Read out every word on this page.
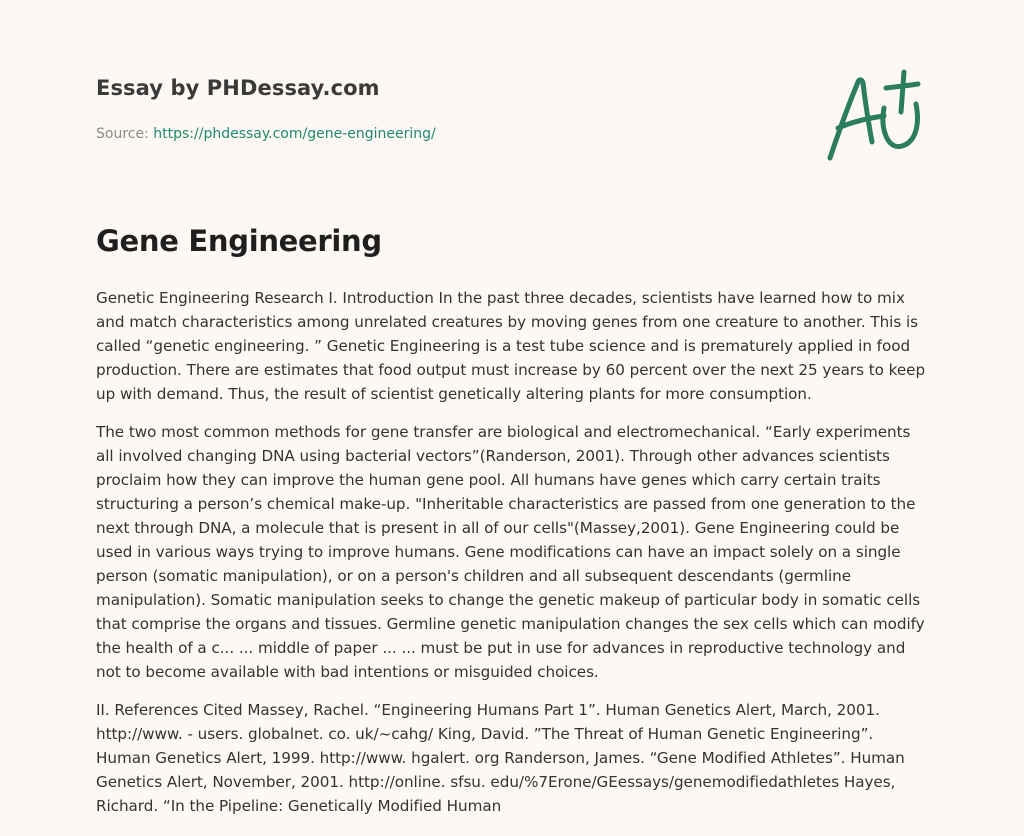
Essay by PHDessay.com
Source: https://phdessay.com/gene-engineering/
Gene Engineering

Genetic Engineering Research I. Introduction In the past three decades, scientists have learned how to mix and match characteristics among unrelated creatures by moving genes from one creature to another. This is called “genetic engineering. ” Genetic Engineering is a test tube science and is prematurely applied in food production. There are estimates that food output must increase by 60 percent over the next 25 years to keep up with demand. Thus, the result of scientist genetically altering plants for more consumption.

The two most common methods for gene transfer are biological and electromechanical. “Early experiments all involved changing DNA using bacterial vectors”(Randerson, 2001). Through other advances scientists proclaim how they can improve the human gene pool. All humans have genes which carry certain traits structuring a person’s chemical make-up. "Inheritable characteristics are passed from one generation to the next through DNA, a molecule that is present in all of our cells"(Massey,2001). Gene Engineering could be used in various ways trying to improve humans. Gene modifications can have an impact solely on a single person (somatic manipulation), or on a person's children and all subsequent descendants (germline manipulation). Somatic manipulation seeks to change the genetic makeup of particular body in somatic cells that comprise the organs and tissues. Germline genetic manipulation changes the sex cells which can modify the health of a c... ... middle of paper ... ... must be put in use for advances in reproductive technology and not to become available with bad intentions or misguided choices.

II. References Cited Massey, Rachel. “Engineering Humans Part 1”. Human Genetics Alert, March, 2001. http://www. - users. globalnet. co. uk/~cahg/ King, David. ”The Threat of Human Genetic Engineering”. Human Genetics Alert, 1999. http://www. hgalert. org Randerson, James. “Gene Modified Athletes”. Human Genetics Alert, November, 2001. http://online. sfsu. edu/%7Erone/GEessays/genemodifiedathletes Hayes, Richard. “In the Pipeline: Genetically Modified Human
